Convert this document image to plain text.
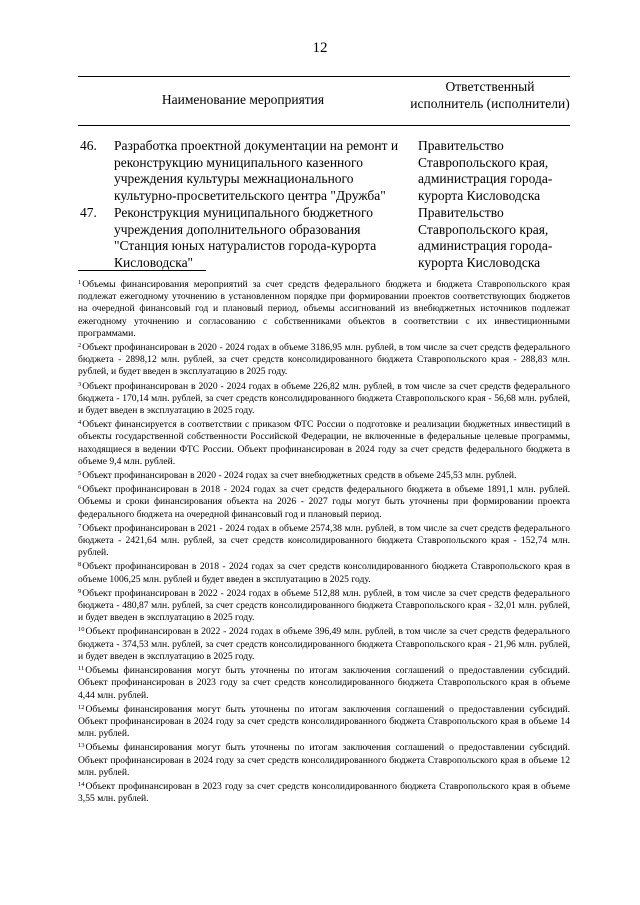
12
Наименование мероприятия
Ответственный исполнитель (исполнители)
46.	Разработка проектной документации на ремонт и реконструкцию муниципального казенного учреждения культуры межнационального культурно-просветительского центра "Дружба"
Правительство Ставропольского края, администрация города-курорта Кисловодска
47.	Реконструкция муниципального бюджетного учреждения дополнительного образования "Станция юных натуралистов города-курорта Кисловодска"
Правительство Ставропольского края, администрация города-курорта Кисловодска

$^1$Объемы финансирования мероприятий за счет средств федерального бюджета и бюджета Ставропольского края подлежат ежегодному уточнению в установленном порядке при формировании проектов соответствующих бюджетов на очередной финансовый год и плановый период, объемы ассигнований из внебюджетных источников подлежат ежегодному уточнению и согласованию с собственниками объектов в соответствии с их инвестиционными программами.

$^2$Объект профинансирован в 2020 - 2024 годах в объеме 3186,95 млн. рублей, в том числе за счет средств федерального бюджета - 2898,12 млн. рублей, за счет средств консолидированного бюджета Ставропольского края - 288,83 млн. рублей, и будет введен в эксплуатацию в 2025 году.

$^3$Объект профинансирован в 2020 - 2024 годах в объеме 226,82 млн. рублей, в том числе за счет средств федерального бюджета - 170,14 млн. рублей, за счет средств консолидированного бюджета Ставропольского края - 56,68 млн. рублей, и будет введен в эксплуатацию в 2025 году.

$^4$Объект финансируется в соответствии с приказом ФТС России о подготовке и реализации бюджетных инвестиций в объекты государственной собственности Российской Федерации, не включенные в федеральные целевые программы, находящиеся в ведении ФТС России. Объект профинансирован в 2024 году за счет средств федерального бюджета в объеме 9,4 млн. рублей.

$^5$Объект профинансирован в 2020 - 2024 годах за счет внебюджетных средств в объеме 245,53 млн. рублей.

$^6$Объект профинансирован в 2018 - 2024 годах за счет средств федерального бюджета в объеме 1891,1 млн. рублей. Объемы и сроки финансирования объекта на 2026 - 2027 годы могут быть уточнены при формировании проекта федерального бюджета на очередной финансовый год и плановый период.

$^7$Объект профинансирован в 2021 - 2024 годах в объеме 2574,38 млн. рублей, в том числе за счет средств федерального бюджета - 2421,64 млн. рублей, за счет средств консолидированного бюджета Ставропольского края - 152,74 млн. рублей.

$^8$Объект профинансирован в 2018 - 2024 годах за счет средств консолидированного бюджета Ставропольского края в объеме 1006,25 млн. рублей и будет введен в эксплуатацию в 2025 году.

$^9$Объект профинансирован в 2022 - 2024 годах в объеме 512,88 млн. рублей, в том числе за счет средств федерального бюджета - 480,87 млн. рублей, за счет средств консолидированного бюджета Ставропольского края - 32,01 млн. рублей, и будет введен в эксплуатацию в 2025 году.

$^{10}$Объект профинансирован в 2022 - 2024 годах в объеме 396,49 млн. рублей, в том числе за счет средств федерального бюджета - 374,53 млн. рублей, за счет средств консолидированного бюджета Ставропольского края - 21,96 млн. рублей, и будет введен в эксплуатацию в 2025 году.

$^{11}$Объемы финансирования могут быть уточнены по итогам заключения соглашений о предоставлении субсидий. Объект профинансирован в 2023 году за счет средств консолидированного бюджета Ставропольского края в объеме 4,44 млн. рублей.

$^{12}$Объемы финансирования могут быть уточнены по итогам заключения соглашений о предоставлении субсидий. Объект профинансирован в 2024 году за счет средств консолидированного бюджета Ставропольского края в объеме 14 млн. рублей.

$^{13}$Объемы финансирования могут быть уточнены по итогам заключения соглашений о предоставлении субсидий. Объект профинансирован в 2024 году за счет средств консолидированного бюджета Ставропольского края в объеме 12 млн. рублей.

$^{14}$Объект профинансирован в 2023 году за счет средств консолидированного бюджета Ставропольского края в объеме 3,55 млн. рублей.
